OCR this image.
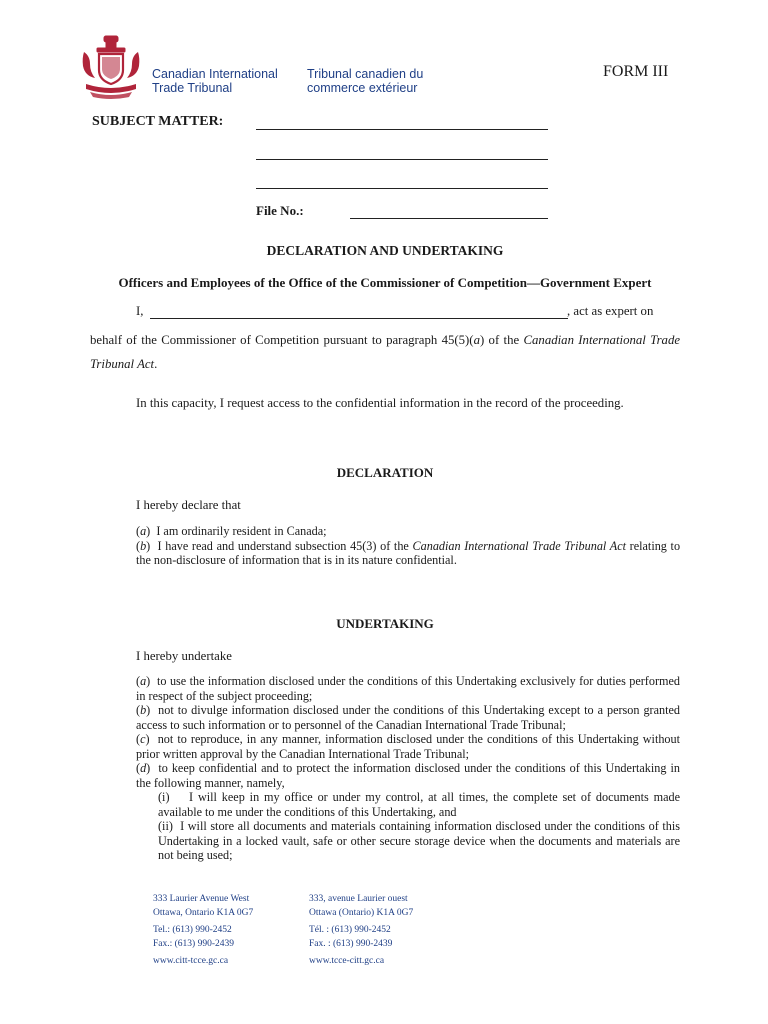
Canadian International
Trade Tribunal
Tribunal canadien du
commerce extérieur
FORM III
SUBJECT MATTER:
File No.:
DECLARATION AND UNDERTAKING
Officers and Employees of the Office of the Commissioner of Competition—Government Expert
I,	, act as expert on
behalf of the Commissioner of Competition pursuant to paragraph 45(5)(a) of the Canadian International Trade Tribunal Act.
In this capacity, I request access to the confidential information in the record of the proceeding.
DECLARATION
I hereby declare that

(a)  I am ordinarily resident in Canada;

(b)  I have read and understand subsection 45(3) of the Canadian International Trade Tribunal Act relating to the non-disclosure of information that is in its nature confidential.

UNDERTAKING
I hereby undertake

(a)  to use the information disclosed under the conditions of this Undertaking exclusively for duties performed in respect of the subject proceeding;

(b)  not to divulge information disclosed under the conditions of this Undertaking except to a person granted access to such information or to personnel of the Canadian International Trade Tribunal;

(c)  not to reproduce, in any manner, information disclosed under the conditions of this Undertaking without prior written approval by the Canadian International Trade Tribunal;

(d)  to keep confidential and to protect the information disclosed under the conditions of this Undertaking in the following manner, namely,

(i) I will keep in my office or under my control, at all times, the complete set of documents made available to me under the conditions of this Undertaking, and

(ii) I will store all documents and materials containing information disclosed under the conditions of this Undertaking in a locked vault, safe or other secure storage device when the documents and materials are not being used;

333 Laurier Avenue West
Ottawa, Ontario K1A 0G7
Tel.: (613) 990-2452
Fax.: (613) 990-2439
www.citt-tcce.gc.ca
333, avenue Laurier ouest
Ottawa (Ontario) K1A 0G7
Tél. : (613) 990-2452
Fax. : (613) 990-2439
www.tcce-citt.gc.ca
